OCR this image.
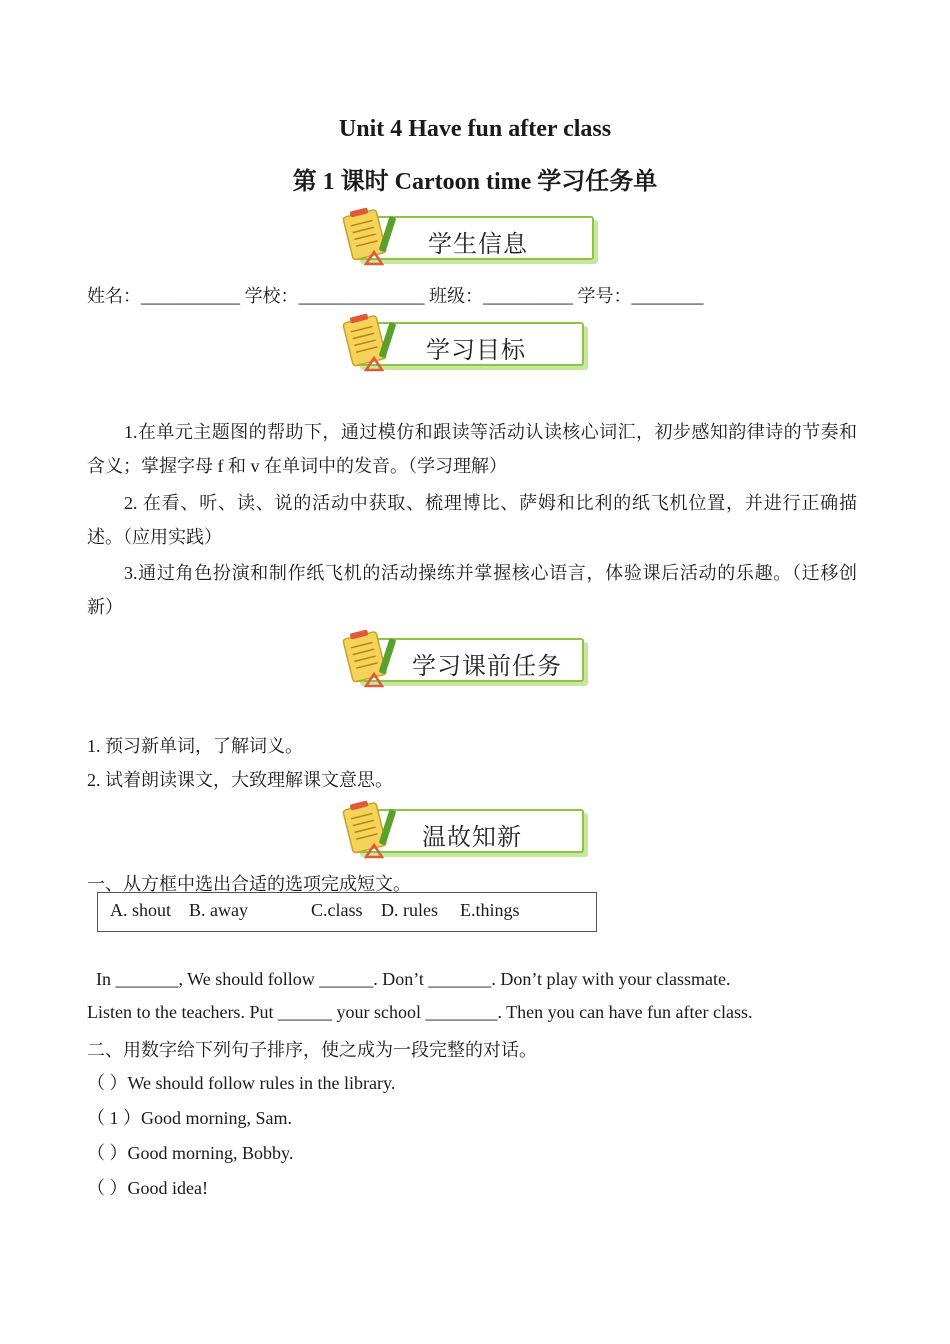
Unit 4 Have fun after class
第 1 课时 Cartoon time 学习任务单
学生信息
姓名：___________ 学校：______________ 班级：__________ 学号：________
学习目标
1.在单元主题图的帮助下，通过模仿和跟读等活动认读核心词汇，初步感知韵律诗的节奏和含义；掌握字母 f 和 v 在单词中的发音。（学习理解）
2. 在看、听、读、说的活动中获取、梳理博比、萨姆和比利的纸飞机位置，并进行正确描述。（应用实践）
3.通过角色扮演和制作纸飞机的活动操练并掌握核心语言，体验课后活动的乐趣。（迁移创新）
学习课前任务
1. 预习新单词，了解词义。
2. 试着朗读课文，大致理解课文意思。
温故知新
一、从方框中选出合适的选项完成短文。
A. shout B. away	C.class D. rules E.things
In _______, We should follow ______. Don’t _______. Don’t play with your classmate.
Listen to the teachers. Put ______ your school ________. Then you can have fun after class.
二、用数字给下列句子排序，使之成为一段完整的对话。
（ ）We should follow rules in the library.
（ 1 ）Good morning, Sam.
（ ）Good morning, Bobby.
（ ）Good idea!
